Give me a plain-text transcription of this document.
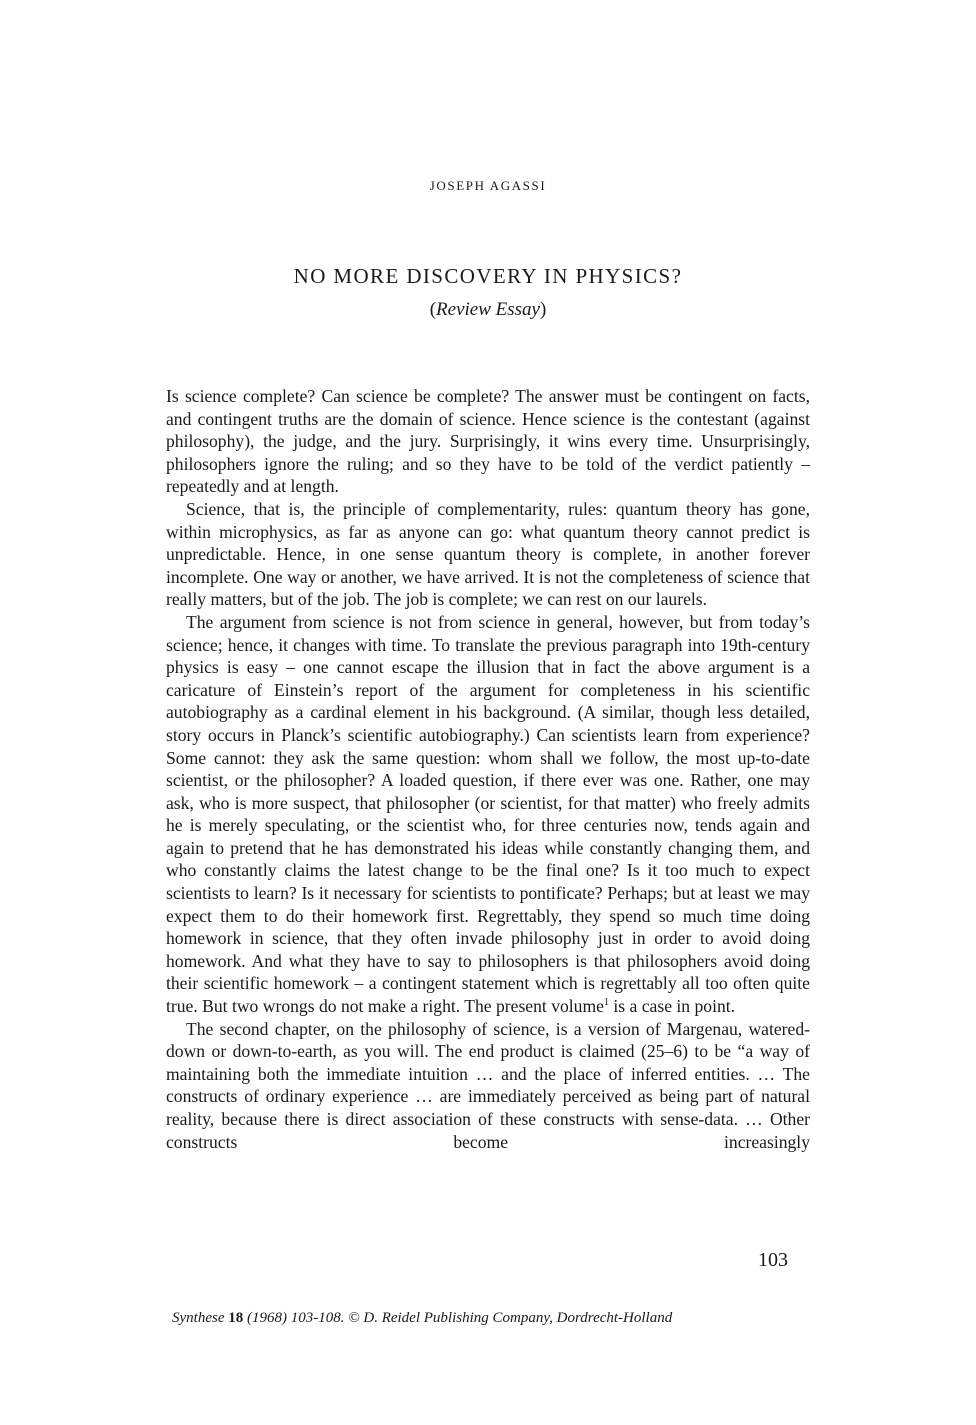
JOSEPH AGASSI
NO MORE DISCOVERY IN PHYSICS?
(Review Essay)

Is science complete? Can science be complete? The answer must be contingent on facts, and contingent truths are the domain of science. Hence science is the contestant (against philosophy), the judge, and the jury. Surprisingly, it wins every time. Unsurprisingly, philosophers ignore the ruling; and so they have to be told of the verdict patiently – repeatedly and at length.

Science, that is, the principle of complementarity, rules: quantum theory has gone, within microphysics, as far as anyone can go: what quantum theory cannot predict is unpredictable. Hence, in one sense quantum theory is complete, in another forever incomplete. One way or another, we have arrived. It is not the completeness of science that really matters, but of the job. The job is complete; we can rest on our laurels.

The argument from science is not from science in general, however, but from today’s science; hence, it changes with time. To translate the previous paragraph into 19th-century physics is easy – one cannot escape the illusion that in fact the above argument is a caricature of Einstein’s report of the argument for completeness in his scientific autobiography as a cardinal element in his background. (A similar, though less detailed, story occurs in Planck’s scientific autobiography.) Can scientists learn from experience? Some cannot: they ask the same question: whom shall we follow, the most up-to-date scientist, or the philosopher? A loaded question, if there ever was one. Rather, one may ask, who is more suspect, that philosopher (or scientist, for that matter) who freely admits he is merely speculating, or the scientist who, for three centuries now, tends again and again to pretend that he has demonstrated his ideas while constantly changing them, and who constantly claims the latest change to be the final one? Is it too much to expect scientists to learn? Is it necessary for scientists to pontificate? Perhaps; but at least we may expect them to do their homework first. Regrettably, they spend so much time doing homework in science, that they often invade philosophy just in order to avoid doing homework. And what they have to say to philosophers is that philosophers avoid doing their scientific homework – a contingent statement which is regrettably all too often quite true. But two wrongs do not make a right. The present volume$^1$ is a case in point.

The second chapter, on the philosophy of science, is a version of Margenau, watered-down or down-to-earth, as you will. The end product is claimed (25–6) to be “a way of maintaining both the immediate intuition … and the place of inferred entities. … The constructs of ordinary experience … are immediately perceived as being part of natural reality, because there is direct association of these constructs with sense-data. … Other constructs become increasingly

103
Synthese 18 (1968) 103-108. © D. Reidel Publishing Company, Dordrecht-Holland
